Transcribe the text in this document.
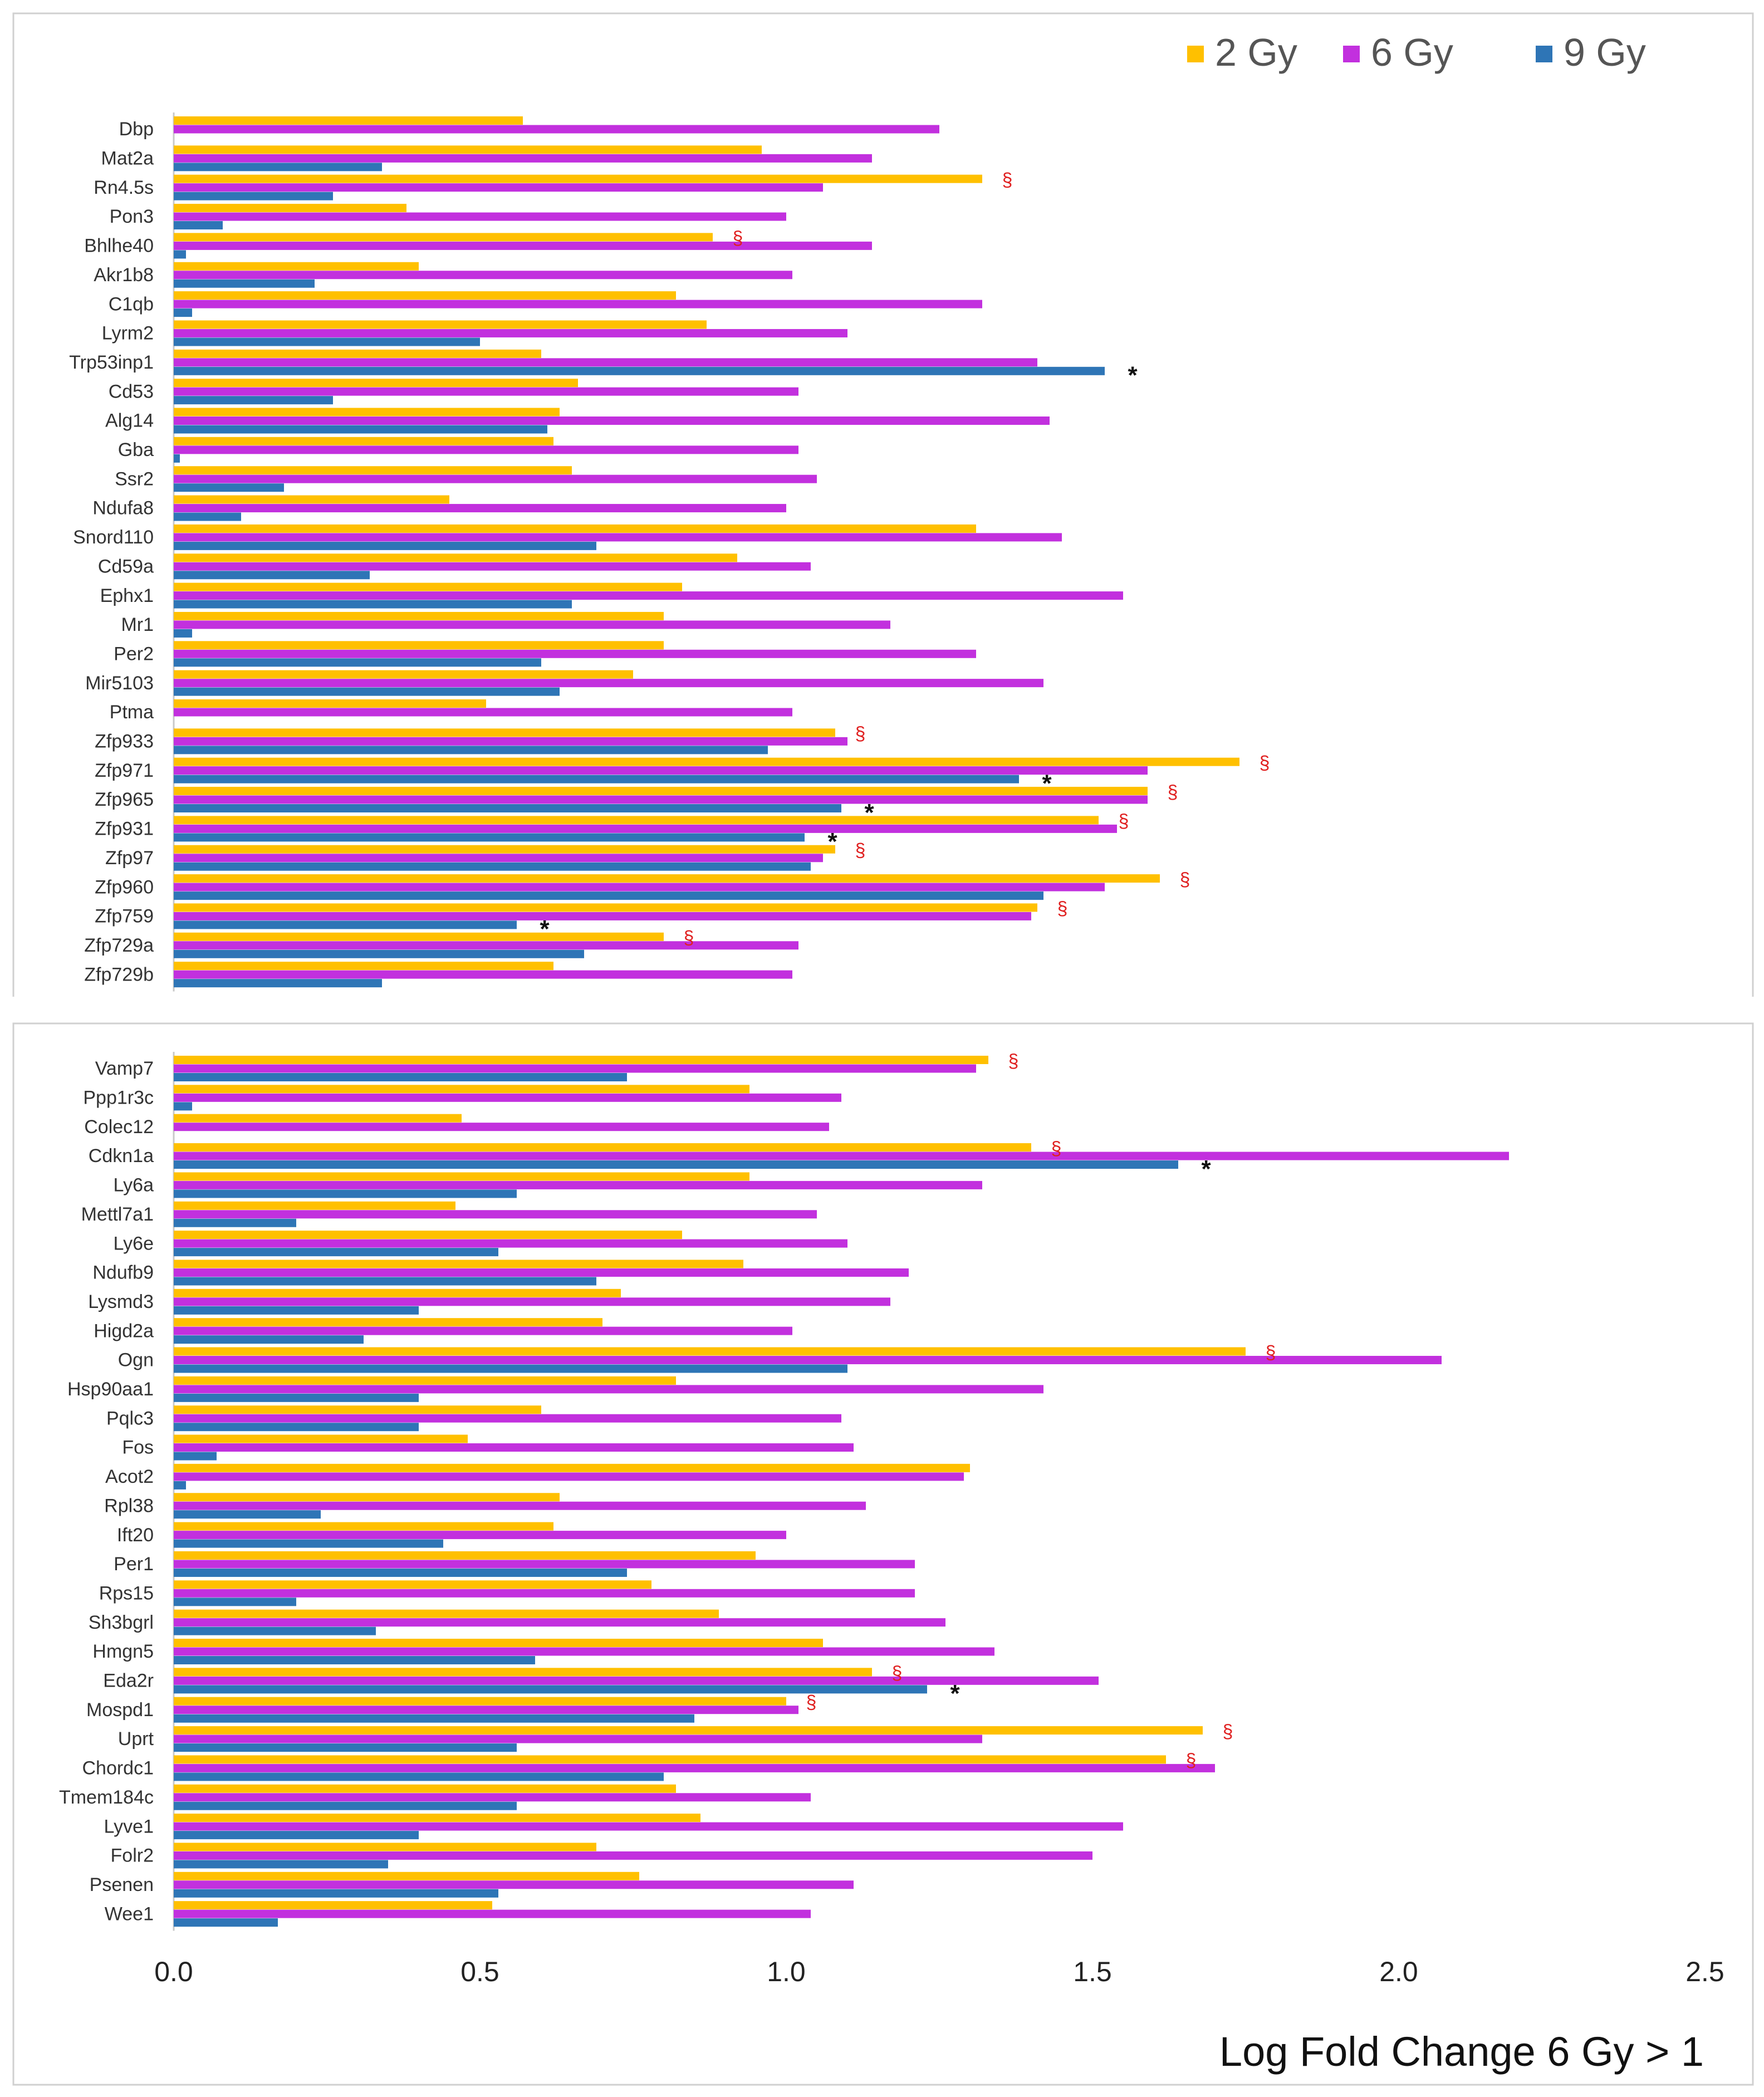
2 Gy 6 Gy	9 Gy
Dbp
Mat2a
Rn4.5s
Pon3
Bhlhe40
Akr1b8
C1qb
Lyrm2
Trp53inp1
Cd53
Alg14
Gba
Ssr2
Ndufa8
Snord110
Cd59a
Ephx1
Mr1
Per2
Mir5103
Ptma
Zfp933
Zfp971
Zfp965
Zfp931
Zfp97
Zfp960
Zfp759
Zfp729a
Zfp729b
§
§
*
§
§
*	§
*	§
* §
§
§
*	§
Vamp7
Ppp1r3c
Colec12
Cdkn1a
Ly6a
Mettl7a1
Ly6e
Ndufb9
Lysmd3
Higd2a
Ogn
Hsp90aa1
Pqlc3
Fos
Acot2
Rpl38
Ift20
Per1
Rps15
Sh3bgrl
Hmgn5
Eda2r
Mospd1
Uprt
Chordc1
Tmem184c
Lyve1
Folr2
Psenen
Wee1
§
§
*
§
§
*
§
§
§
0.0	0.5	1.0	1.5	2.0	2.5
Log Fold Change 6 Gy > 1
